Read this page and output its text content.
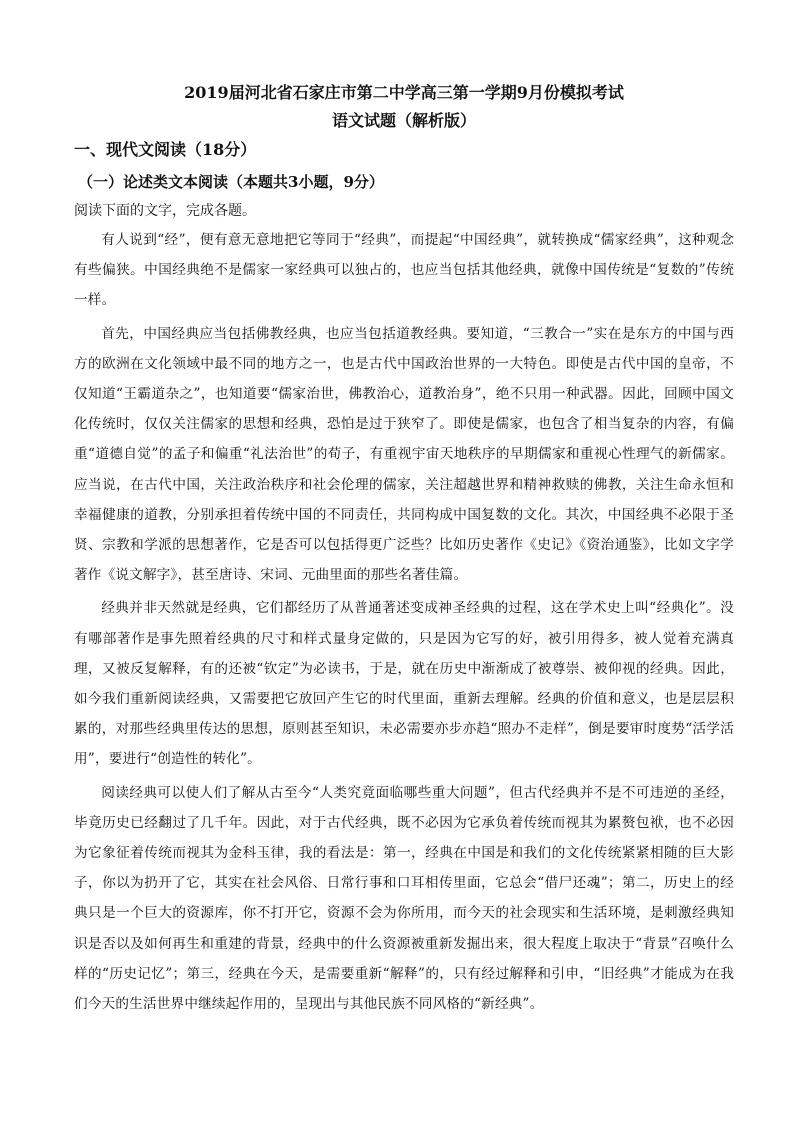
2019届河北省石家庄市第二中学高三第一学期9月份模拟考试
语文试题（解析版）
一、现代文阅读（18分）
（一）论述类文本阅读（本题共3小题，9分）
阅读下面的文字，完成各题。

有人说到“经”，便有意无意地把它等同于“经典”，而提起“中国经典”，就转换成“儒家经典”，这种观念有些偏狭。中国经典绝不是儒家一家经典可以独占的，也应当包括其他经典，就像中国传统是“复数的”传统一样。

首先，中国经典应当包括佛教经典，也应当包括道教经典。要知道，“三教合一”实在是东方的中国与西方的欧洲在文化领域中最不同的地方之一，也是古代中国政治世界的一大特色。即使是古代中国的皇帝，不仅知道“王霸道杂之”，也知道要“儒家治世，佛教治心，道教治身”，绝不只用一种武器。因此，回顾中国文化传统时，仅仅关注儒家的思想和经典，恐怕是过于狭窄了。即使是儒家，也包含了相当复杂的内容，有偏重“道德自觉”的孟子和偏重“礼法治世”的荀子，有重视宇宙天地秩序的早期儒家和重视心性理气的新儒家。应当说，在古代中国，关注政治秩序和社会伦理的儒家，关注超越世界和精神救赎的佛教，关注生命永恒和幸福健康的道教，分别承担着传统中国的不同责任，共同构成中国复数的文化。其次，中国经典不必限于圣贤、宗教和学派的思想著作，它是否可以包括得更广泛些？比如历史著作《史记》《资治通鉴》，比如文字学著作《说文解字》，甚至唐诗、宋词、元曲里面的那些名著佳篇。

经典并非天然就是经典，它们都经历了从普通著述变成神圣经典的过程，这在学术史上叫“经典化”。没有哪部著作是事先照着经典的尺寸和样式量身定做的，只是因为它写的好，被引用得多，被人觉着充满真理，又被反复解释，有的还被“钦定”为必读书，于是，就在历史中渐渐成了被尊崇、被仰视的经典。因此，如今我们重新阅读经典，又需要把它放回产生它的时代里面，重新去理解。经典的价值和意义，也是层层积累的，对那些经典里传达的思想，原则甚至知识，未必需要亦步亦趋“照办不走样”，倒是要审时度势“活学活用”，要进行“创造性的转化”。

阅读经典可以使人们了解从古至今“人类究竟面临哪些重大问题”，但古代经典并不是不可违逆的圣经，毕竟历史已经翻过了几千年。因此，对于古代经典，既不必因为它承负着传统而视其为累赘包袱，也不必因为它象征着传统而视其为金科玉律，我的看法是：第一，经典在中国是和我们的文化传统紧紧相随的巨大影子，你以为扔开了它，其实在社会风俗、日常行事和口耳相传里面，它总会“借尸还魂”；第二，历史上的经典只是一个巨大的资源库，你不打开它，资源不会为你所用，而今天的社会现实和生活环境，是刺激经典知识是否以及如何再生和重建的背景，经典中的什么资源被重新发掘出来，很大程度上取决于“背景”召唤什么样的“历史记忆”；第三，经典在今天，是需要重新“解释”的，只有经过解释和引申，“旧经典”才能成为在我们今天的生活世界中继续起作用的，呈现出与其他民族不同风格的“新经典”。
